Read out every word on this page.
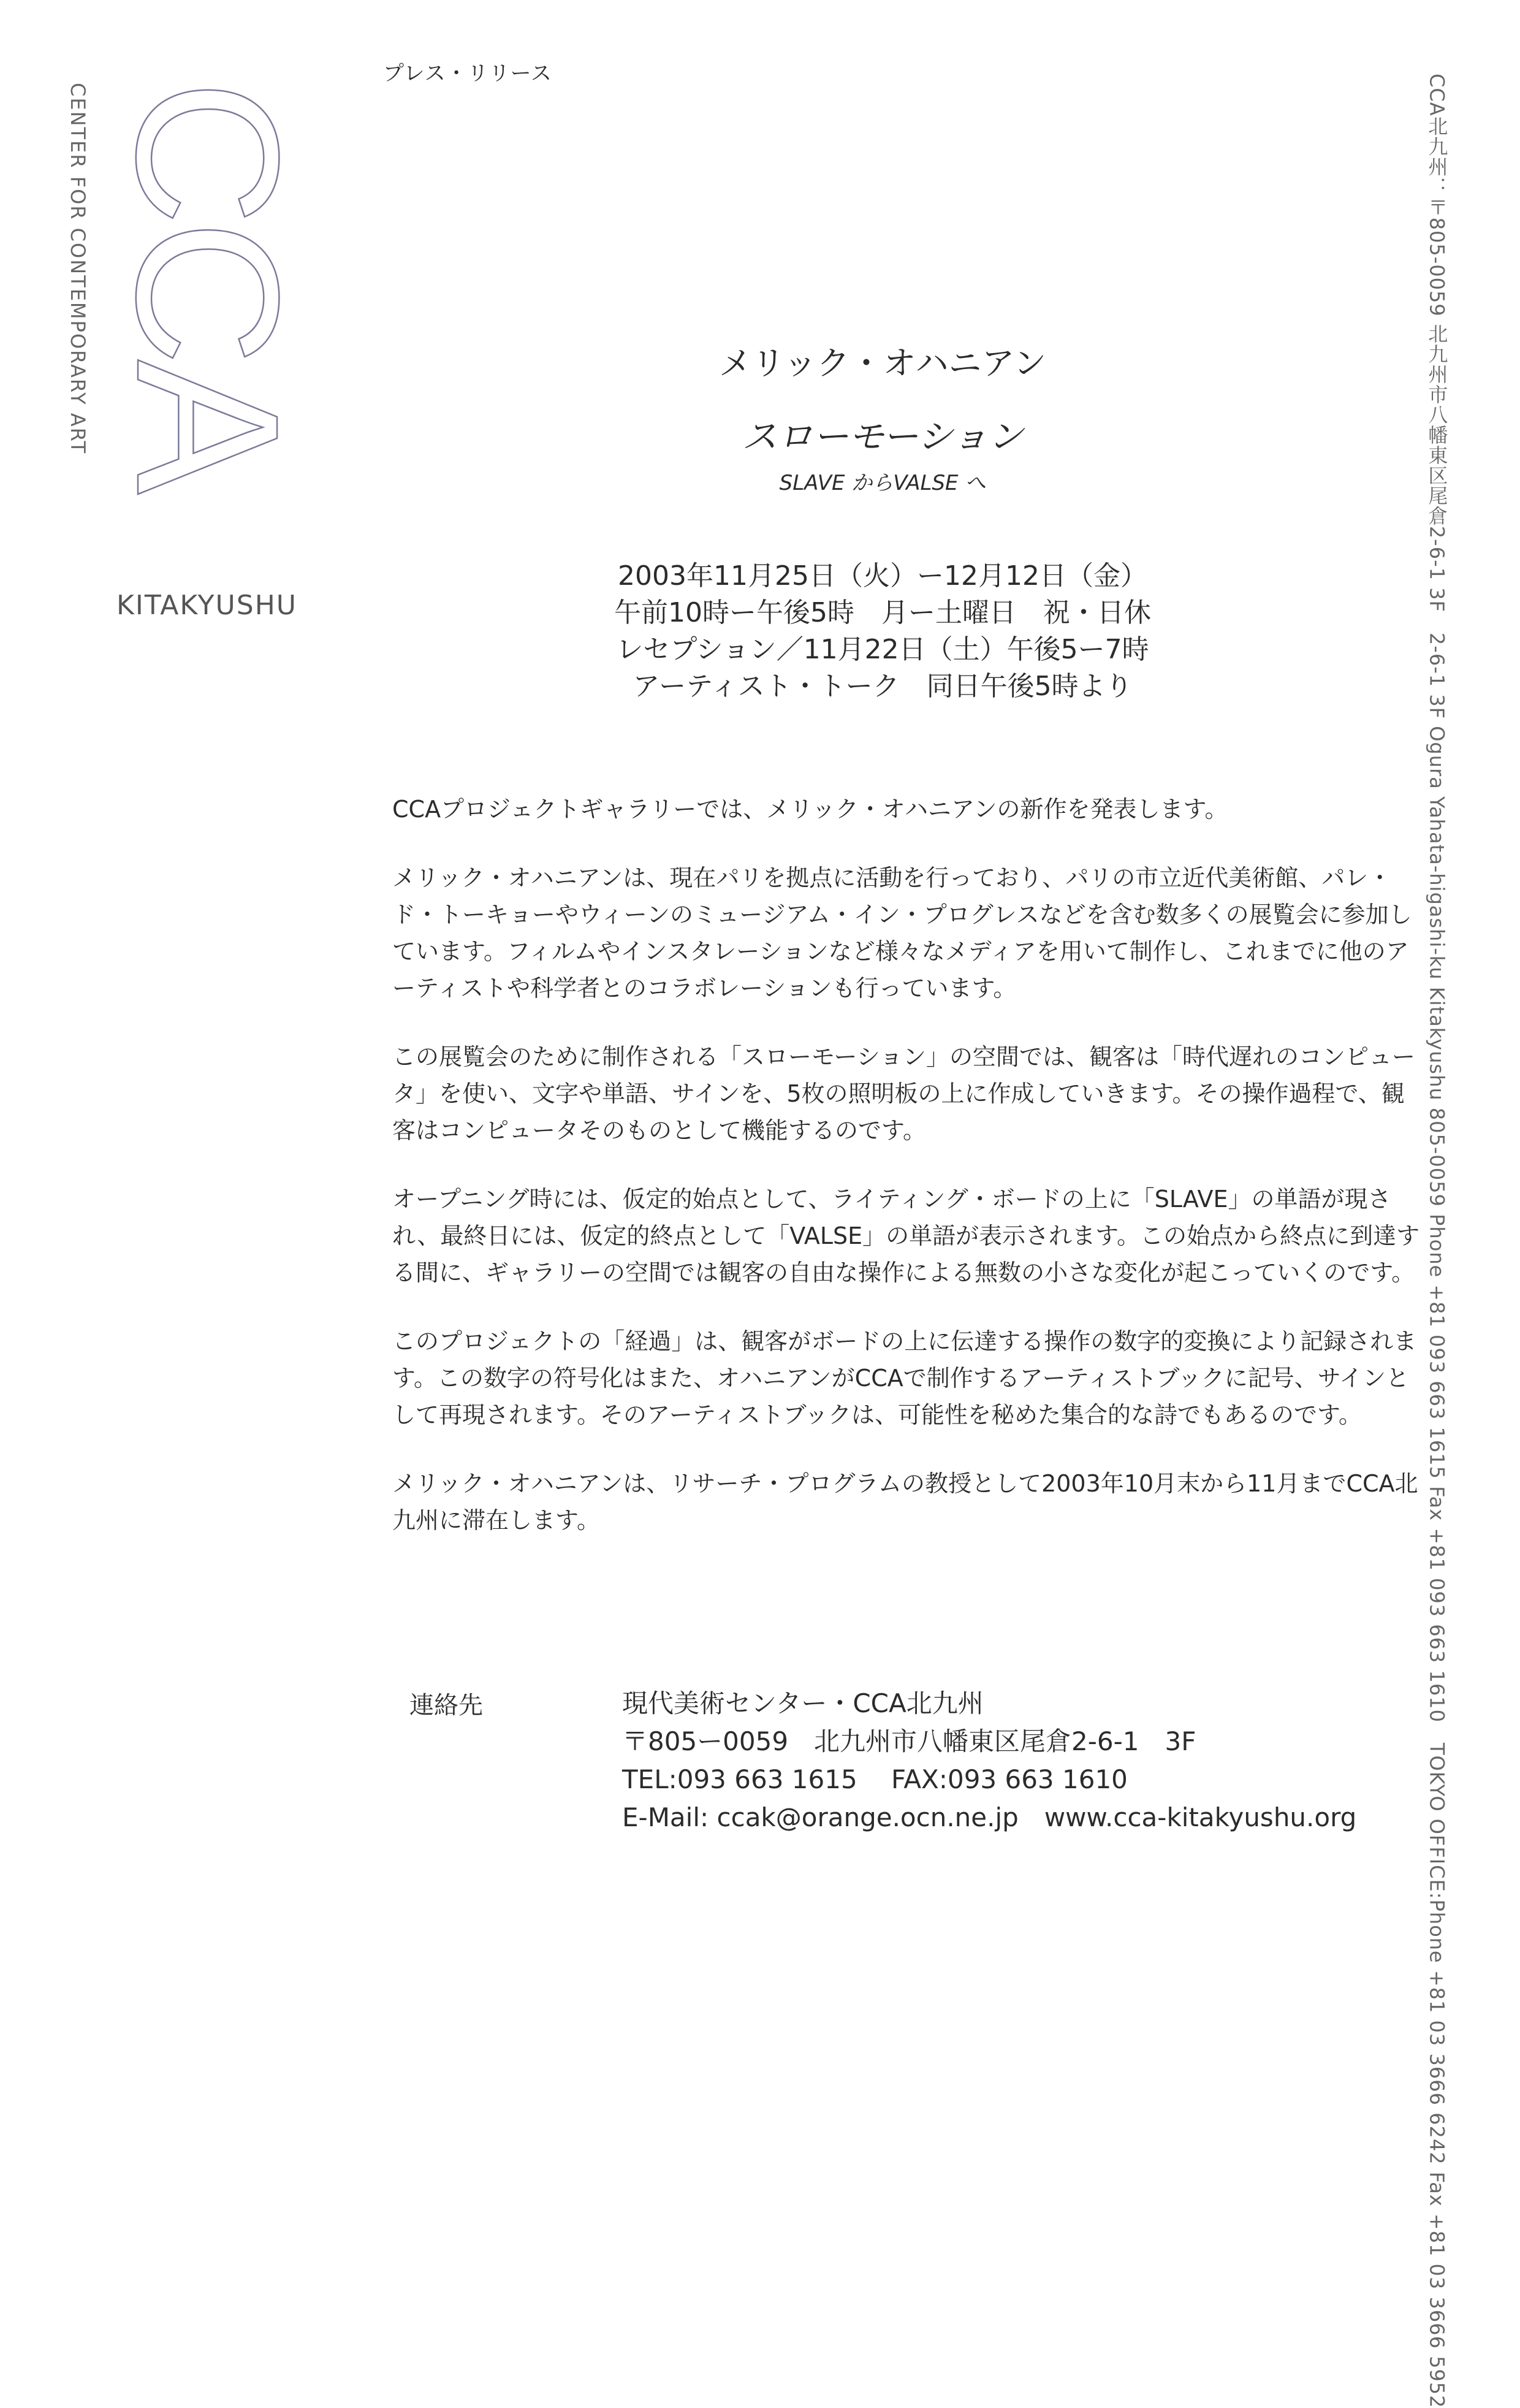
プレス・リリース
CCA
CENTER FOR CONTEMPORARY ART
KITAKYUSHU	CCA北九州：〒805-0059 北九州市八幡東区尾倉2-6-1 3F　2-6-1 3F Ogura Yahata-higashi-ku Kitakyushu 805-0059 Phone +81 093 663 1615 Fax +81 093 663 1610　TOKYO OFFICE:Phone +81 03 3666 6242 Fax +81 03 3666 5952
メリック・オハニアン
スローモーション
SLAVE からVALSE へ
2003年11月25日（火）ー12月12日（金）
午前10時ー午後5時　月ー土曜日　祝・日休
レセプション／11月22日（土）午後5ー7時
アーティスト・トーク　同日午後5時より

CCAプロジェクトギャラリーでは、メリック・オハニアンの新作を発表します。

メリック・オハニアンは、現在パリを拠点に活動を行っており、パリの市立近代美術館、パレ・ド・トーキョーやウィーンのミュージアム・イン・プログレスなどを含む数多くの展覧会に参加しています。フィルムやインスタレーションなど様々なメディアを用いて制作し、これまでに他のアーティストや科学者とのコラボレーションも行っています。

この展覧会のために制作される「スローモーション」の空間では、観客は「時代遅れのコンピュータ」を使い、文字や単語、サインを、5枚の照明板の上に作成していきます。その操作過程で、観客はコンピュータそのものとして機能するのです。

オープニング時には、仮定的始点として、ライティング・ボードの上に「SLAVE」の単語が現され、最終日には、仮定的終点として「VALSE」の単語が表示されます。この始点から終点に到達する間に、ギャラリーの空間では観客の自由な操作による無数の小さな変化が起こっていくのです。

このプロジェクトの「経過」は、観客がボードの上に伝達する操作の数字的変換により記録されます。この数字の符号化はまた、オハニアンがCCAで制作するアーティストブックに記号、サインとして再現されます。そのアーティストブックは、可能性を秘めた集合的な詩でもあるのです。

メリック・オハニアンは、リサーチ・プログラムの教授として2003年10月末から11月までCCA北九州に滞在します。

連絡先	現代美術センター・CCA北九州
〒805ー0059　北九州市八幡東区尾倉2-6-1　3F
TEL:093 663 1615　 FAX:093 663 1610
E-Mail: ccak@orange.ocn.ne.jp　www.cca-kitakyushu.org
